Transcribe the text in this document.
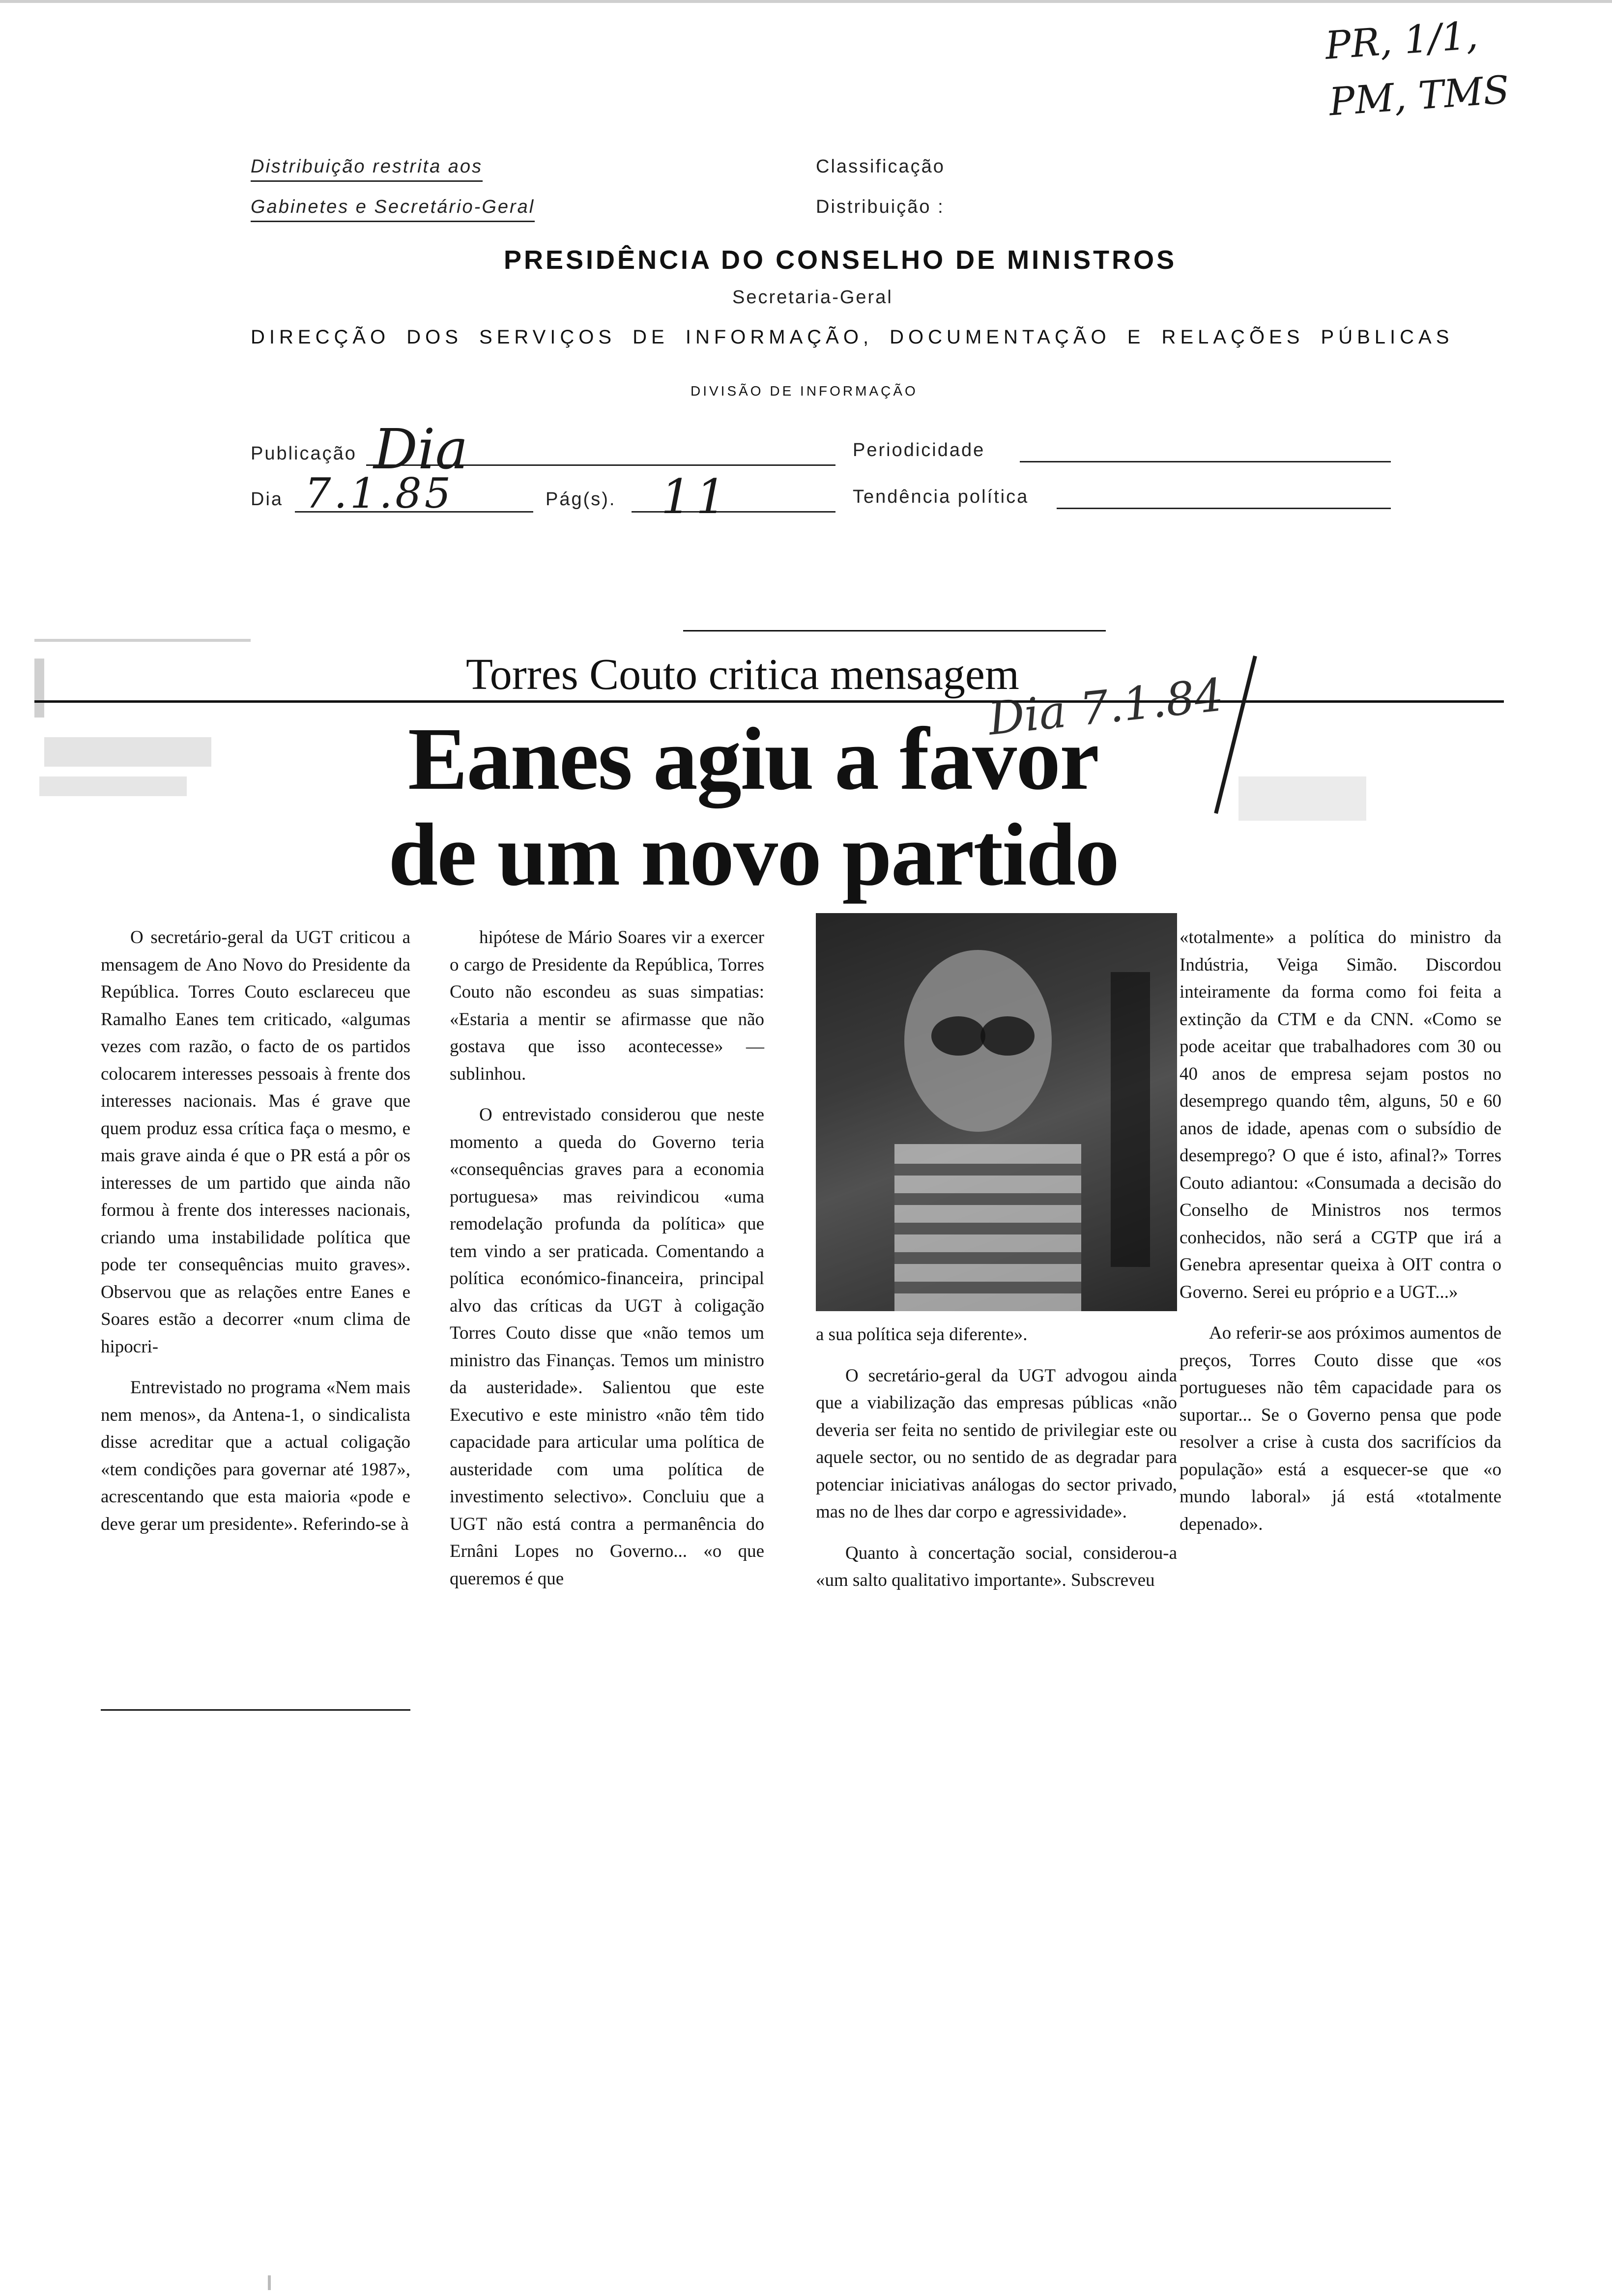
PR, 1/1, PM, TMS
Distribuição restrita aos
Gabinetes e Secretário-Geral
Classificação
Distribuição :
PRESIDÊNCIA DO CONSELHO DE MINISTROS
Secretaria-Geral
DIRECÇÃO DOS SERVIÇOS DE INFORMAÇÃO, DOCUMENTAÇÃO E RELAÇÕES PÚBLICAS
DIVISÃO DE INFORMAÇÃO
Publicação Dia	Periodicidade
Dia 7.1.85	Pág(s). 11	Tendência política
Torres Couto critica mensagem
Eanes agiu a favor
de um novo partido
Dia 7.1.84

O secretário-geral da UGT criticou a mensagem de Ano Novo do Presidente da República. Torres Couto esclareceu que Ramalho Eanes tem criticado, «algumas vezes com razão, o facto de os partidos colocarem interesses pessoais à frente dos interesses nacionais. Mas é grave que quem produz essa crítica faça o mesmo, e mais grave ainda é que o PR está a pôr os interesses de um partido que ainda não formou à frente dos interesses nacionais, criando uma instabilidade política que pode ter consequências muito graves». Observou que as relações entre Eanes e Soares estão a decorrer «num clima de hipocri-

Entrevistado no programa «Nem mais nem menos», da Antena-1, o sindicalista disse acreditar que a actual coligação «tem condições para governar até 1987», acrescentando que esta maioria «pode e deve gerar um presidente». Referindo-se à

hipótese de Mário Soares vir a exercer o cargo de Presidente da República, Torres Couto não escondeu as suas simpatias: «Estaria a mentir se afirmasse que não gostava que isso acontecesse» — sublinhou.

O entrevistado considerou que neste momento a queda do Governo teria «consequências graves para a economia portuguesa» mas reivindicou «uma remodelação profunda da política» que tem vindo a ser praticada. Comentando a política económico-financeira, principal alvo das críticas da UGT à coligação Torres Couto disse que «não temos um ministro das Finanças. Temos um ministro da austeridade». Salientou que este Executivo e este ministro «não têm tido capacidade para articular uma política de austeridade com uma política de investimento selectivo». Concluiu que a UGT não está contra a permanência do Ernâni Lopes no Governo... «o que queremos é que

a sua política seja diferente».

O secretário-geral da UGT advogou ainda que a viabilização das empresas públicas «não deveria ser feita no sentido de privilegiar este ou aquele sector, ou no sentido de as degradar para potenciar iniciativas análogas do sector privado, mas no de lhes dar corpo e agressividade».

Quanto à concertação social, considerou-a «um salto qualitativo importante». Subscreveu

«totalmente» a política do ministro da Indústria, Veiga Simão. Discordou inteiramente da forma como foi feita a extinção da CTM e da CNN. «Como se pode aceitar que trabalhadores com 30 ou 40 anos de empresa sejam postos no desemprego quando têm, alguns, 50 e 60 anos de idade, apenas com o subsídio de desemprego? O que é isto, afinal?» Torres Couto adiantou: «Consumada a decisão do Conselho de Ministros nos termos conhecidos, não será a CGTP que irá a Genebra apresentar queixa à OIT contra o Governo. Serei eu próprio e a UGT...»

Ao referir-se aos próximos aumentos de preços, Torres Couto disse que «os portugueses não têm capacidade para os suportar... Se o Governo pensa que pode resolver a crise à custa dos sacrifícios da população» está a esquecer-se que «o mundo laboral» já está «totalmente depenado».
